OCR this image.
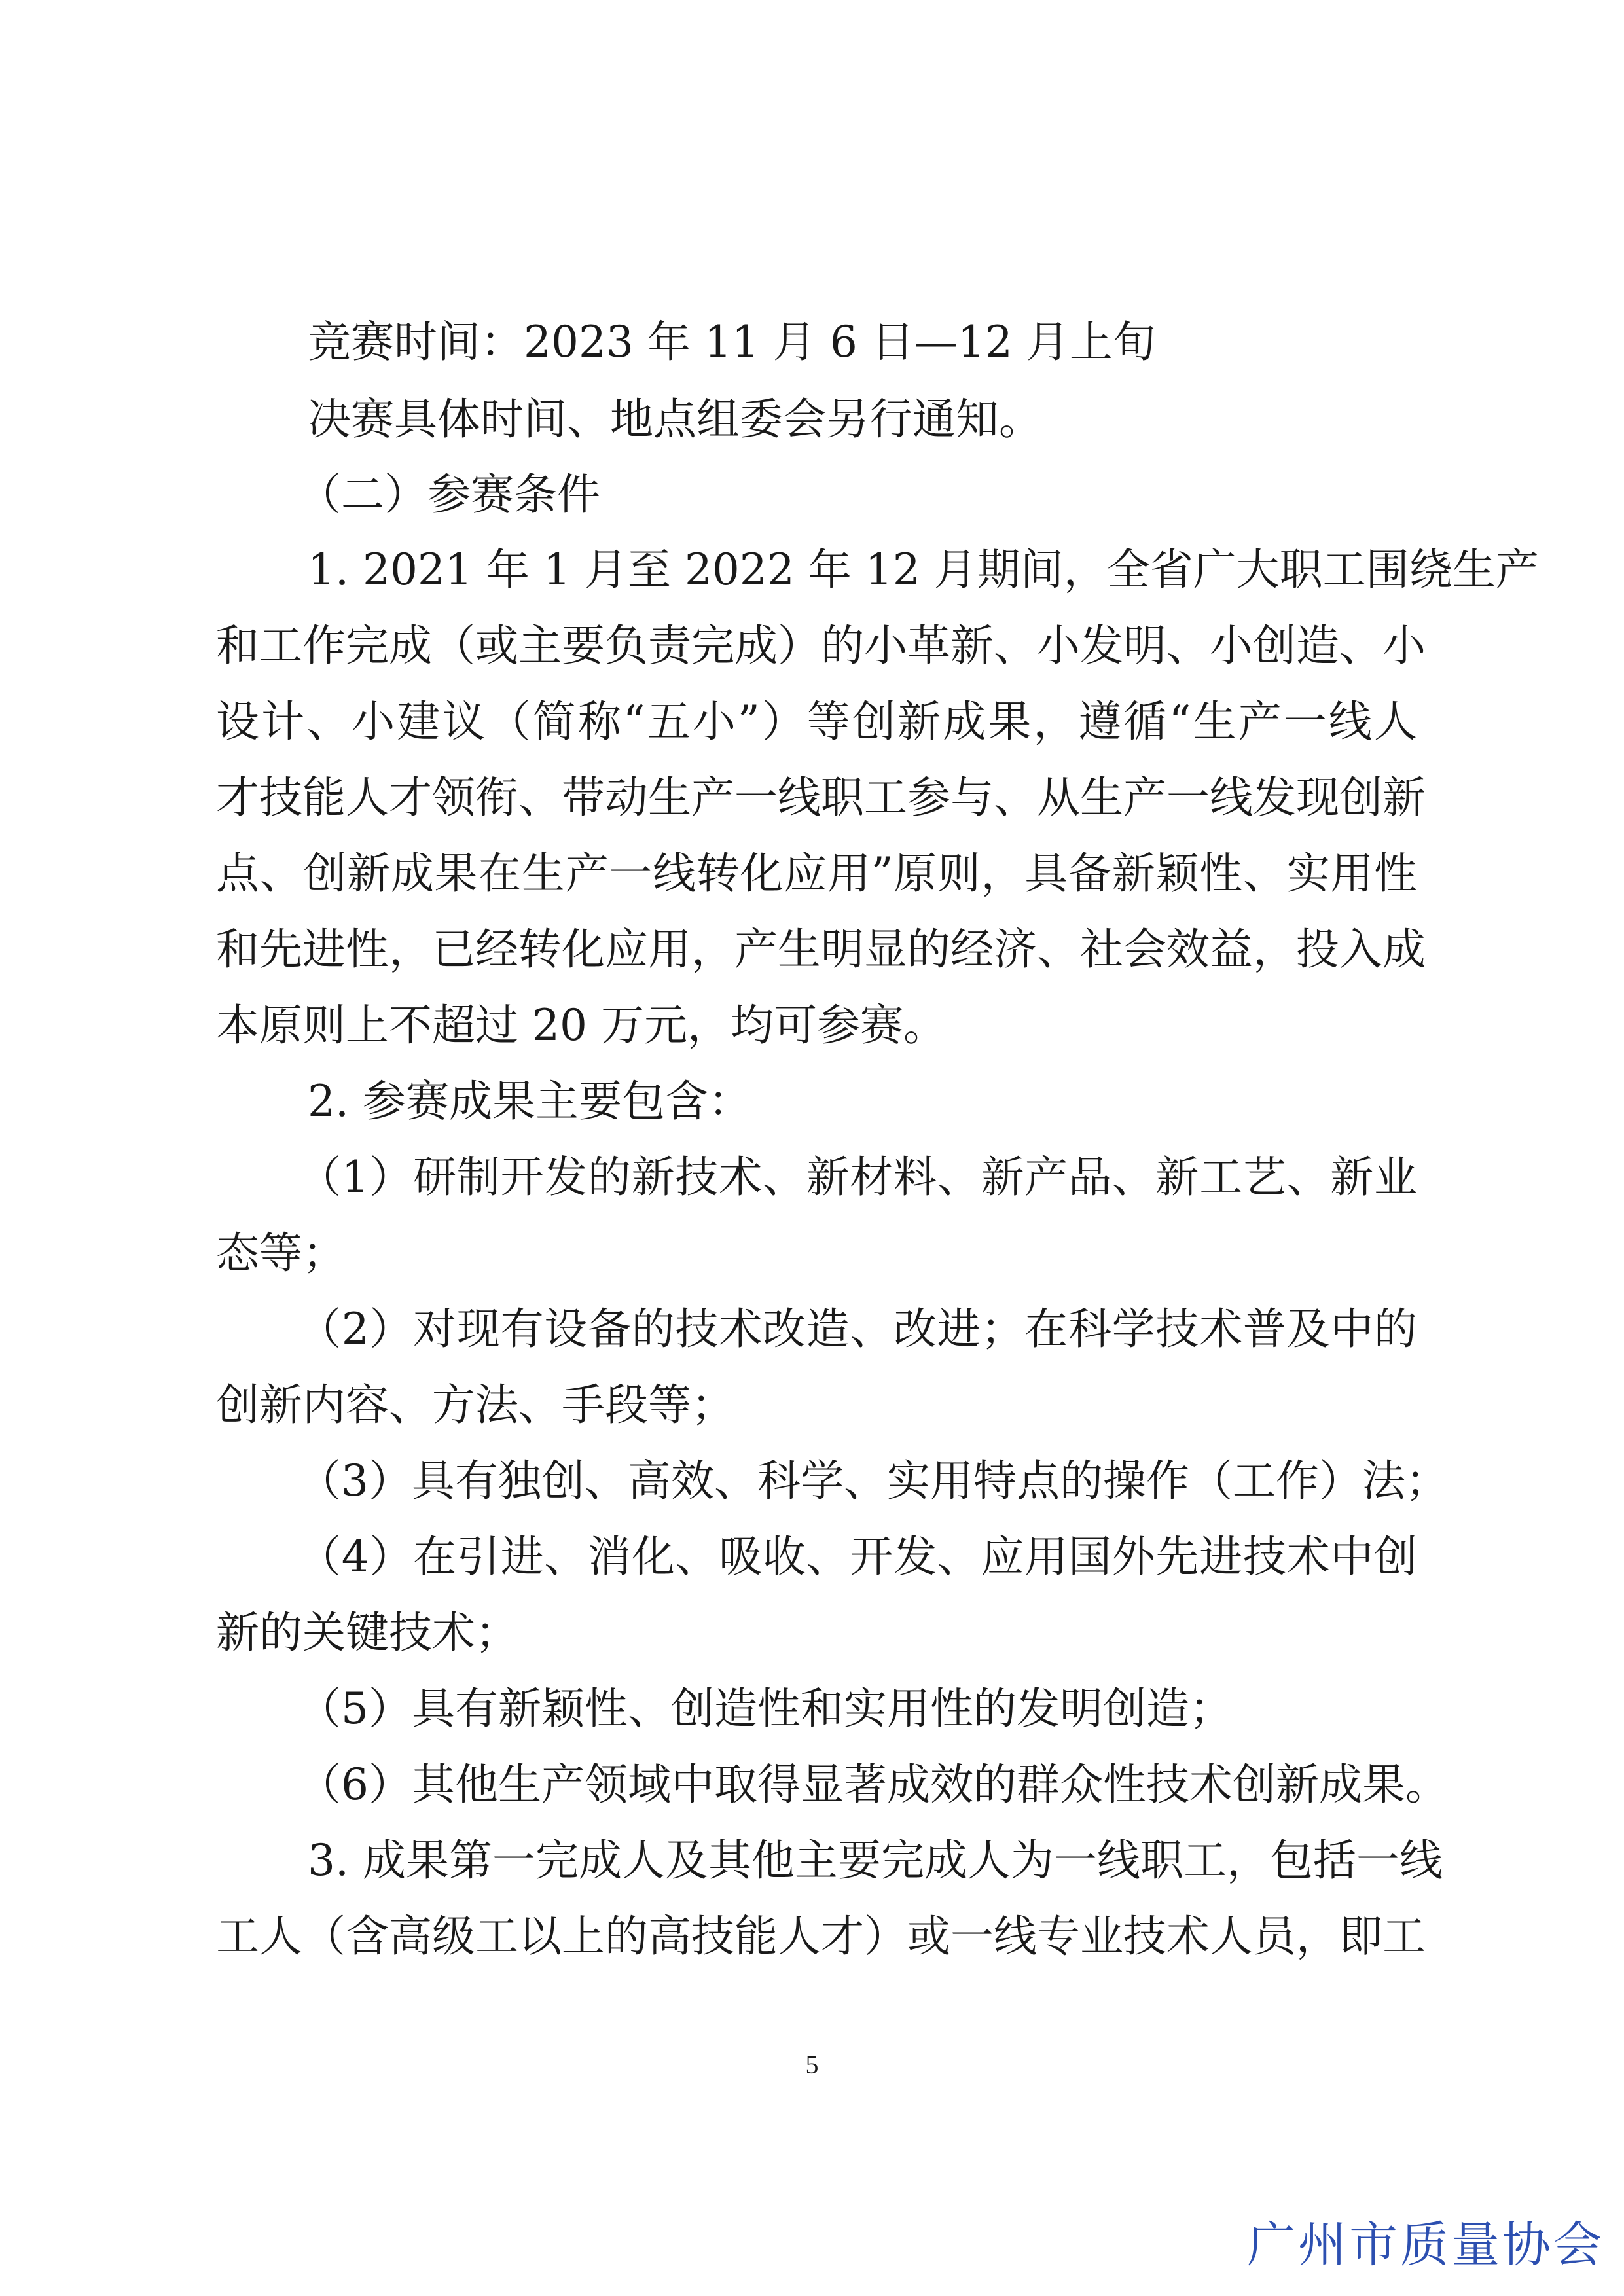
竞赛时间：2023 年 11 月 6 日—12 月上旬
决赛具体时间、地点组委会另行通知。
（二）参赛条件
1. 2021 年 1 月至 2022 年 12 月期间，全省广大职工围绕生产
和工作完成（或主要负责完成）的小革新、小发明、小创造、小
设计、小建议（简称“五小”）等创新成果，遵循“生产一线人
才技能人才领衔、带动生产一线职工参与、从生产一线发现创新
点、创新成果在生产一线转化应用”原则，具备新颖性、实用性
和先进性，已经转化应用，产生明显的经济、社会效益，投入成
本原则上不超过 20 万元，均可参赛。
2. 参赛成果主要包含：
（1）研制开发的新技术、新材料、新产品、新工艺、新业
态等；
（2）对现有设备的技术改造、改进；在科学技术普及中的
创新内容、方法、手段等；
（3）具有独创、高效、科学、实用特点的操作（工作）法；
（4）在引进、消化、吸收、开发、应用国外先进技术中创
新的关键技术；
（5）具有新颖性、创造性和实用性的发明创造；
（6）其他生产领域中取得显著成效的群众性技术创新成果。
3. 成果第一完成人及其他主要完成人为一线职工，包括一线
工人（含高级工以上的高技能人才）或一线专业技术人员，即工
5
广州市质量协会
